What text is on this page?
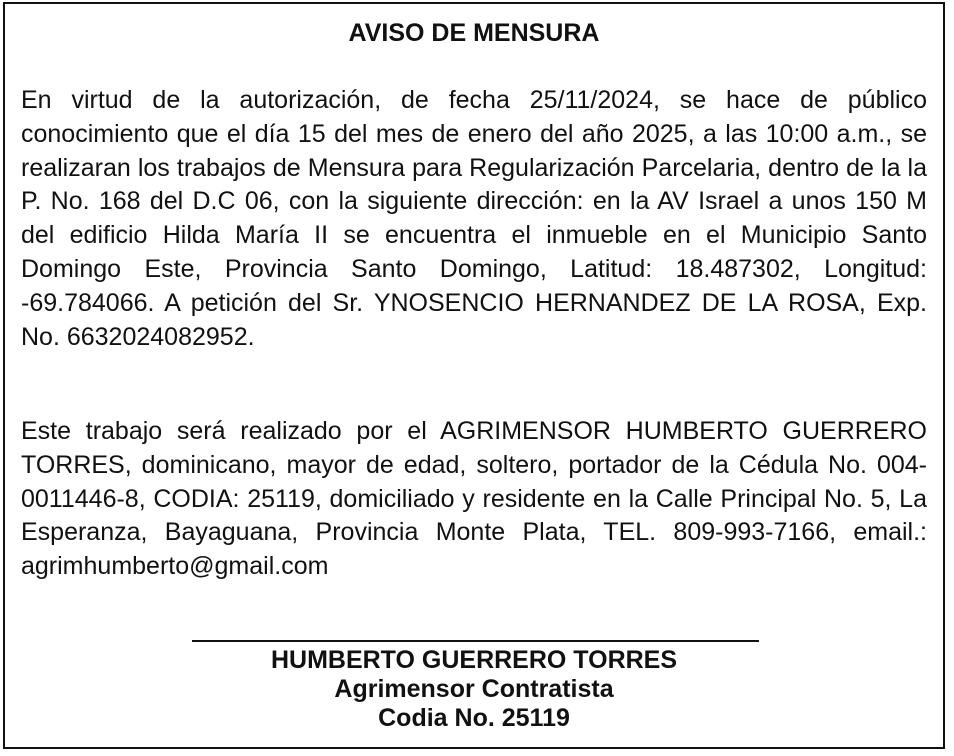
AVISO DE MENSURA

En virtud de la autorización, de fecha 25/11/2024, se hace de público conocimiento que el día 15 del mes de enero del año 2025, a las 10:00 a.m., se realizaran los trabajos de Mensura para Regularización Parcelaria, dentro de la la P. No. 168 del D.C 06, con la siguiente dirección: en la AV Israel a unos 150 M del edificio Hilda María II se encuentra el inmueble en el Municipio Santo Domingo Este, Provincia Santo Domingo, Latitud: 18.487302, Longitud: -69.784066. A petición del Sr. YNOSENCIO HERNANDEZ DE LA ROSA, Exp. No. 6632024082952.

Este trabajo será realizado por el AGRIMENSOR HUMBERTO GUERRERO TORRES, dominicano, mayor de edad, soltero, portador de la Cédula No. 004-0011446-8, CODIA: 25119, domiciliado y residente en la Calle Principal No. 5, La Esperanza, Bayaguana, Provincia Monte Plata, TEL. 809-993-7166, email.: agrimhumberto@gmail.com

HUMBERTO GUERRERO TORRES
Agrimensor Contratista
Codia No. 25119
